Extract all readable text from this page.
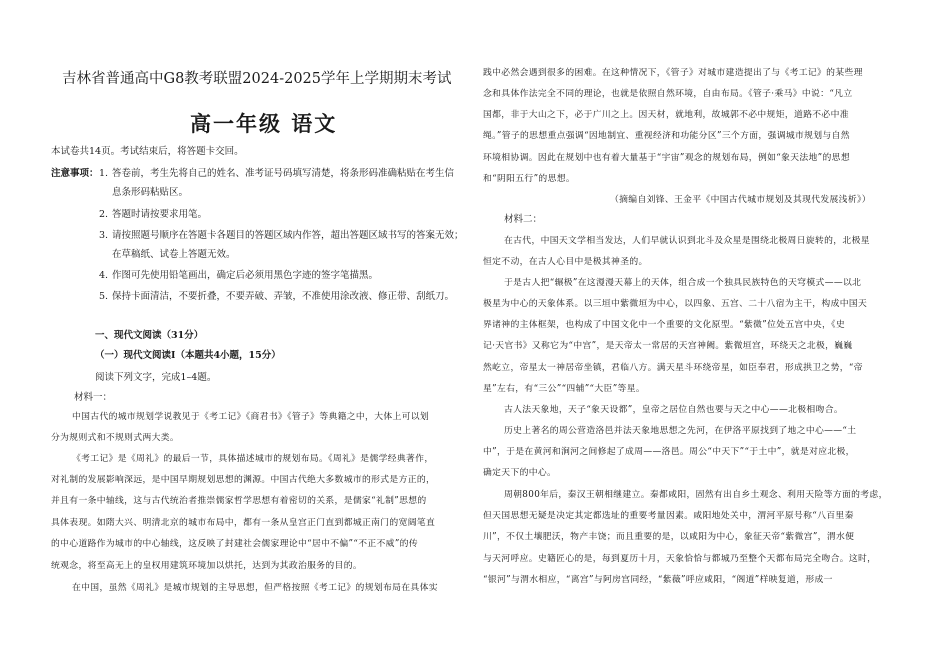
吉林省普通高中G8教考联盟2024-2025学年上学期期末考试
高一年级 语文
本试卷共14页。考试结束后，将答题卡交回。
注意事项： 1. 答卷前，考生先将自己的姓名、准考证号码填写清楚，将条形码准确粘贴在考生信
息条形码粘贴区。
2. 答题时请按要求用笔。
3. 请按照题号顺序在答题卡各题目的答题区域内作答，超出答题区域书写的答案无效；
在草稿纸、试卷上答题无效。
4. 作图可先使用铅笔画出，确定后必须用黑色字迹的签字笔描黑。
5. 保持卡面清洁，不要折叠，不要弄破、弄皱，不准使用涂改液、修正带、刮纸刀。
一、现代文阅读（31分）
（一）现代文阅读Ⅰ（本题共4小题，15分）
阅读下列文字，完成1–4题。
材料一：
中国古代的城市规划学说教见于《考工记》《商君书》《管子》等典籍之中，大体上可以划
分为规则式和不规则式两大类。
《考工记》是《周礼》的最后一节，具体描述城市的规划布局。《周礼》是儒学经典著作，
对礼制的发展影响深远，是中国早期规划思想的渊源。中国古代绝大多数城市的形式是方正的，
并且有一条中轴线，这与古代统治者推崇儒家哲学思想有着密切的关系，是儒家“礼制”思想的
具体表现。如隋大兴、明清北京的城市布局中，都有一条从皇宫正门直到都城正南门的宽阔笔直
的中心道路作为城市的中心轴线，这反映了封建社会儒家理论中“居中不偏”“不正不威”的传
统观念，将至高无上的皇权用建筑环境加以烘托，达到为其政治服务的目的。
在中国，虽然《周礼》是城市规划的主导思想，但严格按照《考工记》的规划布局在具体实
践中必然会遇到很多的困难。在这种情况下，《管子》对城市建造提出了与《考工记》的某些理
念和具体作法完全不同的理论，也就是依照自然环境，自由布局。《管子·乘马》中说：“凡立
国都，非于大山之下，必于广川之上。因天材，就地利，故城郭不必中规矩，道路不必中准
绳。”管子的思想重点强调“因地制宜、重视经济和功能分区”三个方面，强调城市规划与自然
环境相协调。因此在规划中也有着大量基于“宇宙”观念的规划布局，例如“象天法地”的思想
和“阴阳五行”的思想。
（摘编自刘锋、王金平《中国古代城市规划及其现代发展浅析》）
材料二：
在古代，中国天文学相当发达，人们早就认识到北斗及众星是围绕北极周日旋转的，北极星
恒定不动，在古人心目中是极其神圣的。
于是古人把“辗极”在这漫漫天幕上的天体，组合成一个独具民族特色的天穹模式——以北
极星为中心的天象体系。以三垣中紫微垣为中心，以四象、五宫、二十八宿为主干，构成中国天
界诸神的主体框架，也构成了中国文化中一个重要的文化原型。“紫微”位处五宫中央，《史
记·天官书》又称它为“中宫”，是天帝太一常居的天宫神阙。紫微垣宫，环绕天之北极，巍巍
然屹立，帝星太一神居帝坐镇，君临八方。满天星斗环绕帝星，如臣奉君，形成拱卫之势，“帝
星”左右，有“三公”“四辅”“大臣”等星。
古人法天象地，天子“象天设都”，皇帝之居位自然也要与天之中心——北极相吻合。
历史上著名的周公营造洛邑并法天象地思想之先河，在伊洛平原找到了地之中心——“土
中”，于是在黄河和涧河之间修起了成周——洛邑。周公“中天下”“于土中”，就是对应北极，
确定天下的中心。
周朝800年后，秦汉王朝相继建立。秦都咸阳，固然有出自乡土观念、利用天险等方面的考虑，
但天国思想无疑是决定其定都选址的重要考量因素。咸阳地处关中，渭河平原号称“八百里秦
川”，不仅土壤肥沃，物产丰饶；而且重要的是，以咸阳为中心，象征天帝“紫微宫”，渭水便
与天河呼应。史籍匠心的是，每到夏历十月，天象恰恰与都城乃至整个天都布局完全吻合。这时，
“银河”与渭水相应，“离宫”与阿房宫同经，“紫薇”呼应咸阳，“阁道”样映复道，形成一
